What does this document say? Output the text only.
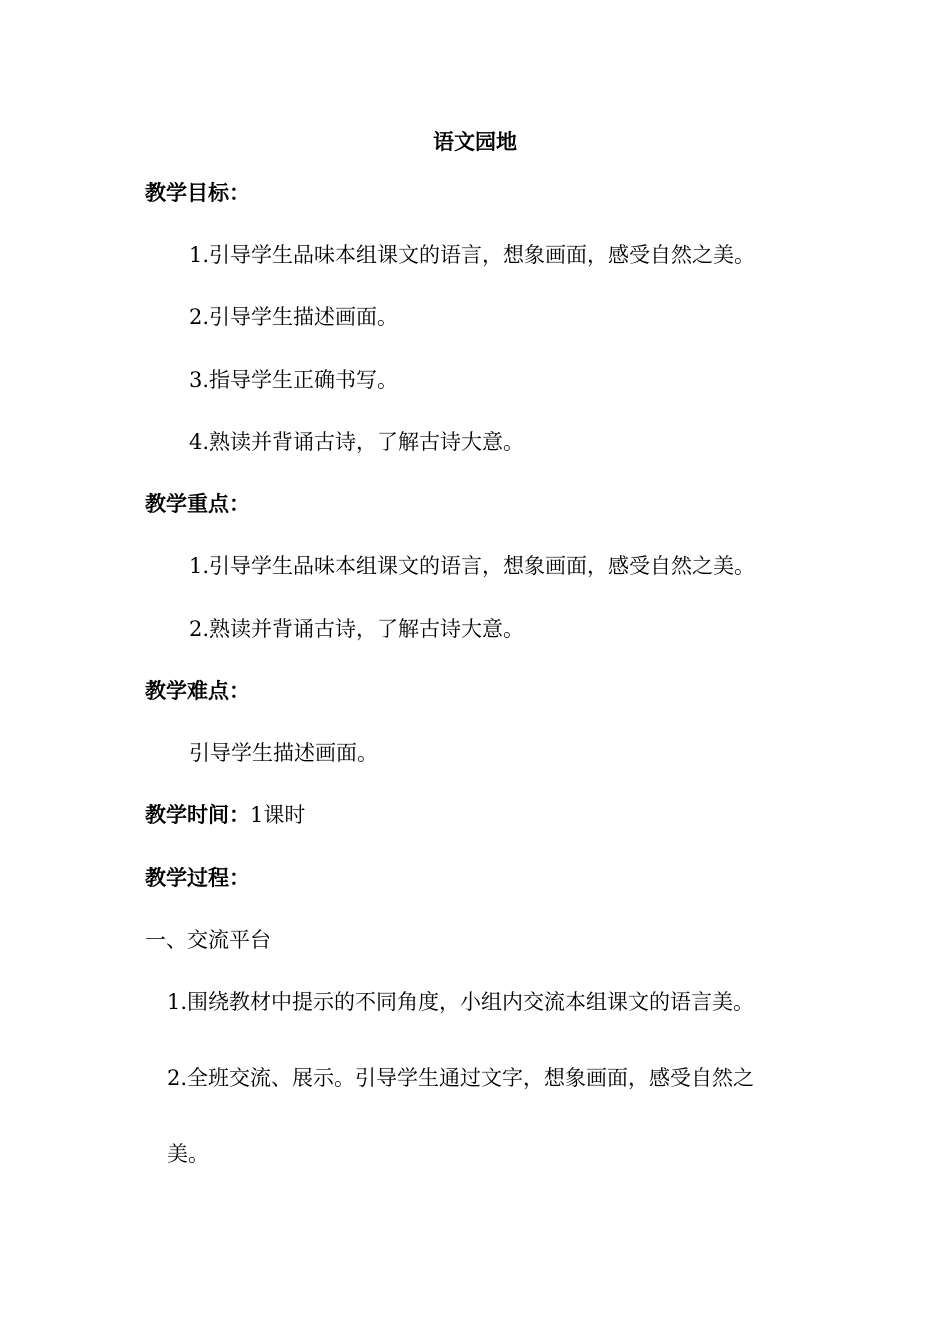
语文园地
教学目标：
1.引导学生品味本组课文的语言，想象画面，感受自然之美。
2.引导学生描述画面。
3.指导学生正确书写。
4.熟读并背诵古诗，了解古诗大意。
教学重点：
1.引导学生品味本组课文的语言，想象画面，感受自然之美。
2.熟读并背诵古诗，了解古诗大意。
教学难点：
引导学生描述画面。
教学时间：1课时
教学过程：
一、交流平台
1.围绕教材中提示的不同角度，小组内交流本组课文的语言美。
2.全班交流、展示。引导学生通过文字，想象画面，感受自然之
美。
